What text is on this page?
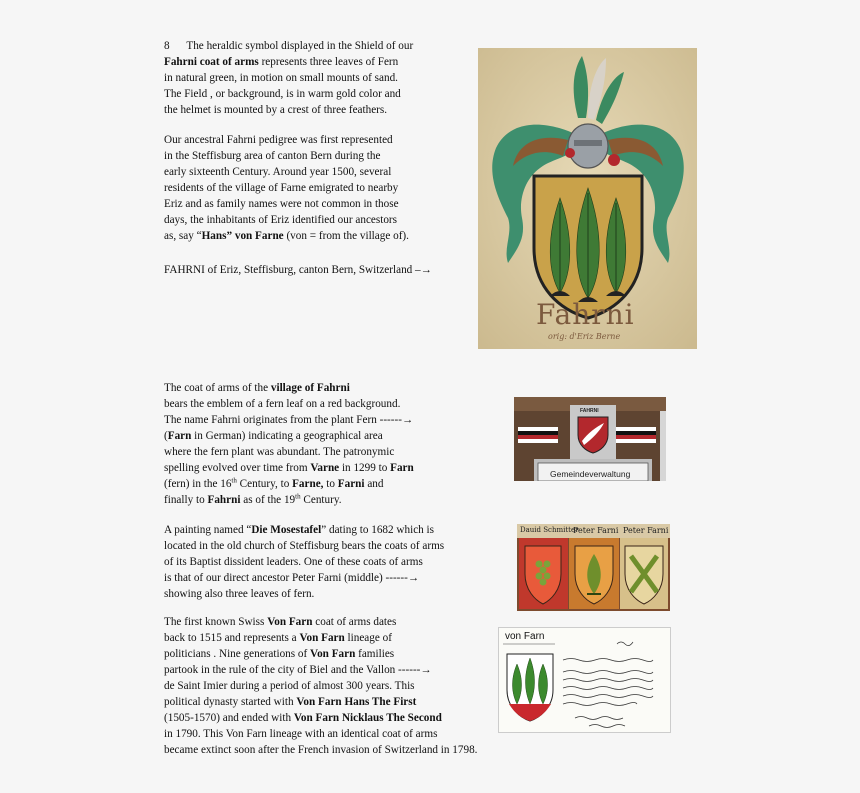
8 The heraldic symbol displayed in the Shield of our

Fahrni coat of arms represents three leaves of Fern

in natural green, in motion on small mounts of sand.

The Field , or background, is in warm gold color and

the helmet is mounted by a crest of three feathers.

Our ancestral Fahrni pedigree was first represented

in the Steffisburg area of canton Bern during the

early sixteenth Century. Around year 1500, several

residents of the village of Farne emigrated to nearby

Eriz and as family names were not common in those

days, the inhabitants of Eriz identified our ancestors

as, say “Hans” von Farne (von = from the village of).

FAHRNI of Eriz, Steffisburg, canton Bern, Switzerland –→

Fahrni
orig: d'Eriz Berne

The coat of arms of the village of Fahrni

bears the emblem of a fern leaf on a red background.

The name Fahrni originates from the plant Fern ------→

(Farn in German) indicating a geographical area

where the fern plant was abundant. The patronymic

spelling evolved over time from Varne in 1299 to Farn

(fern) in the 16th Century, to Farne, to Farni and

finally to Fahrni as of the 19th Century.

FAHRNI
Gemeindeverwaltung

A painting named “Die Mosestafel” dating to 1682 which is

located in the old church of Steffisburg bears the coats of arms

of its Baptist dissident leaders. One of these coats of arms

is that of our direct ancestor Peter Farni (middle) ------→

showing also three leaves of fern.

Dauid Schmitter
Peter Farni Peter Farni

The first known Swiss Von Farn coat of arms dates

back to 1515 and represents a Von Farn lineage of

politicians . Nine generations of Von Farn families

partook in the rule of the city of Biel and the Vallon ------→

de Saint Imier during a period of almost 300 years. This

political dynasty started with Von Farn Hans The First

(1505-1570) and ended with Von Farn Nicklaus The Second

in 1790. This Von Farn lineage with an identical coat of arms

became extinct soon after the French invasion of Switzerland in 1798.

von Farn
